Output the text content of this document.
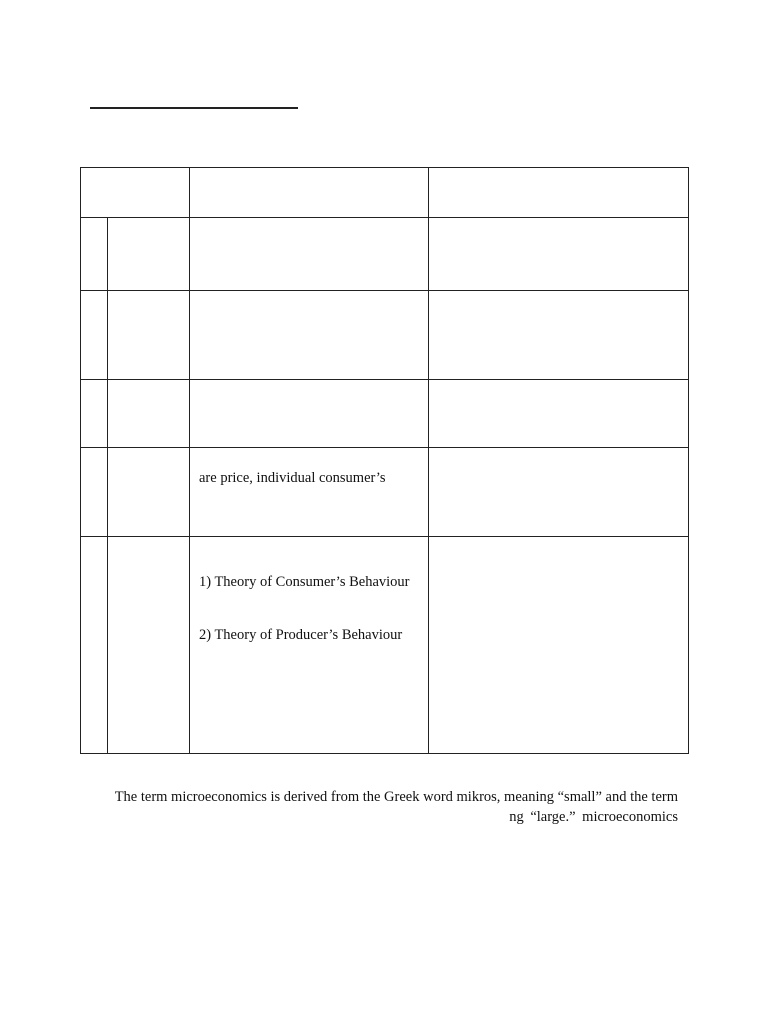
		are price, individual consumer’s	

		1) Theory of Consumer’s Behaviour
2) Theory of Producer’s Behaviour	

The term microeconomics is derived from the Greek word mikros, meaning “small” and the term
ng “large.” microeconomics
